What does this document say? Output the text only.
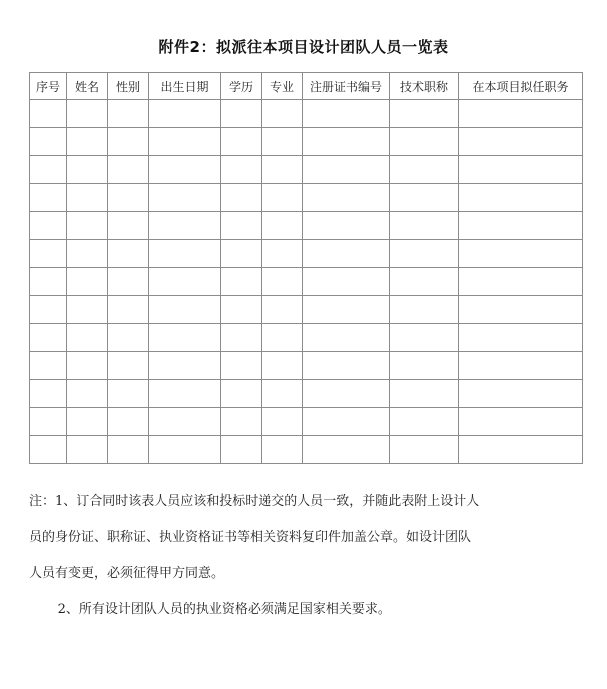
附件2：拟派往本项目设计团队人员一览表
序号	姓名	性别	出生日期	学历	专业	注册证书编号	技术职称	在本项目拟任职务

注：1、订合同时该表人员应该和投标时递交的人员一致，并随此表附上设计人

员的身份证、职称证、执业资格证书等相关资料复印件加盖公章。如设计团队

人员有变更，必须征得甲方同意。

2、所有设计团队人员的执业资格必须满足国家相关要求。
